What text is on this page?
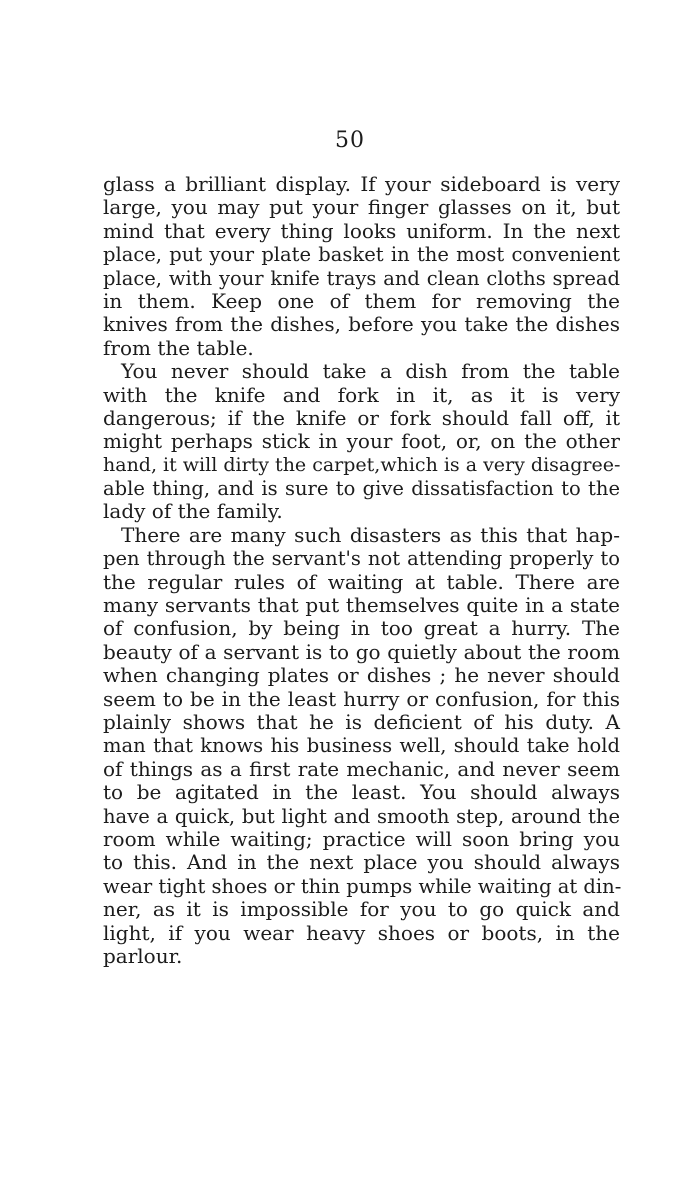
50
glass a brilliant display. If your sideboard is very
large, you may put your finger glasses on it, but
mind that every thing looks uniform. In the next
place, put your plate basket in the most convenient
place, with your knife trays and clean cloths spread
in them. Keep one of them for removing the
knives from the dishes, before you take the dishes
from the table.
You never should take a dish from the table
with the knife and fork in it, as it is very
dangerous; if the knife or fork should fall off, it
might perhaps stick in your foot, or, on the other
hand, it will dirty the carpet,which is a very disagree-
able thing, and is sure to give dissatisfaction to the
lady of the family.
There are many such disasters as this that hap-
pen through the servant's not attending properly to
the regular rules of waiting at table. There are
many servants that put themselves quite in a state
of confusion, by being in too great a hurry. The
beauty of a servant is to go quietly about the room
when changing plates or dishes ; he never should
seem to be in the least hurry or confusion, for this
plainly shows that he is deficient of his duty. A
man that knows his business well, should take hold
of things as a first rate mechanic, and never seem
to be agitated in the least. You should always
have a quick, but light and smooth step, around the
room while waiting; practice will soon bring you
to this. And in the next place you should always
wear tight shoes or thin pumps while waiting at din-
ner, as it is impossible for you to go quick and
light, if you wear heavy shoes or boots, in the
parlour.
